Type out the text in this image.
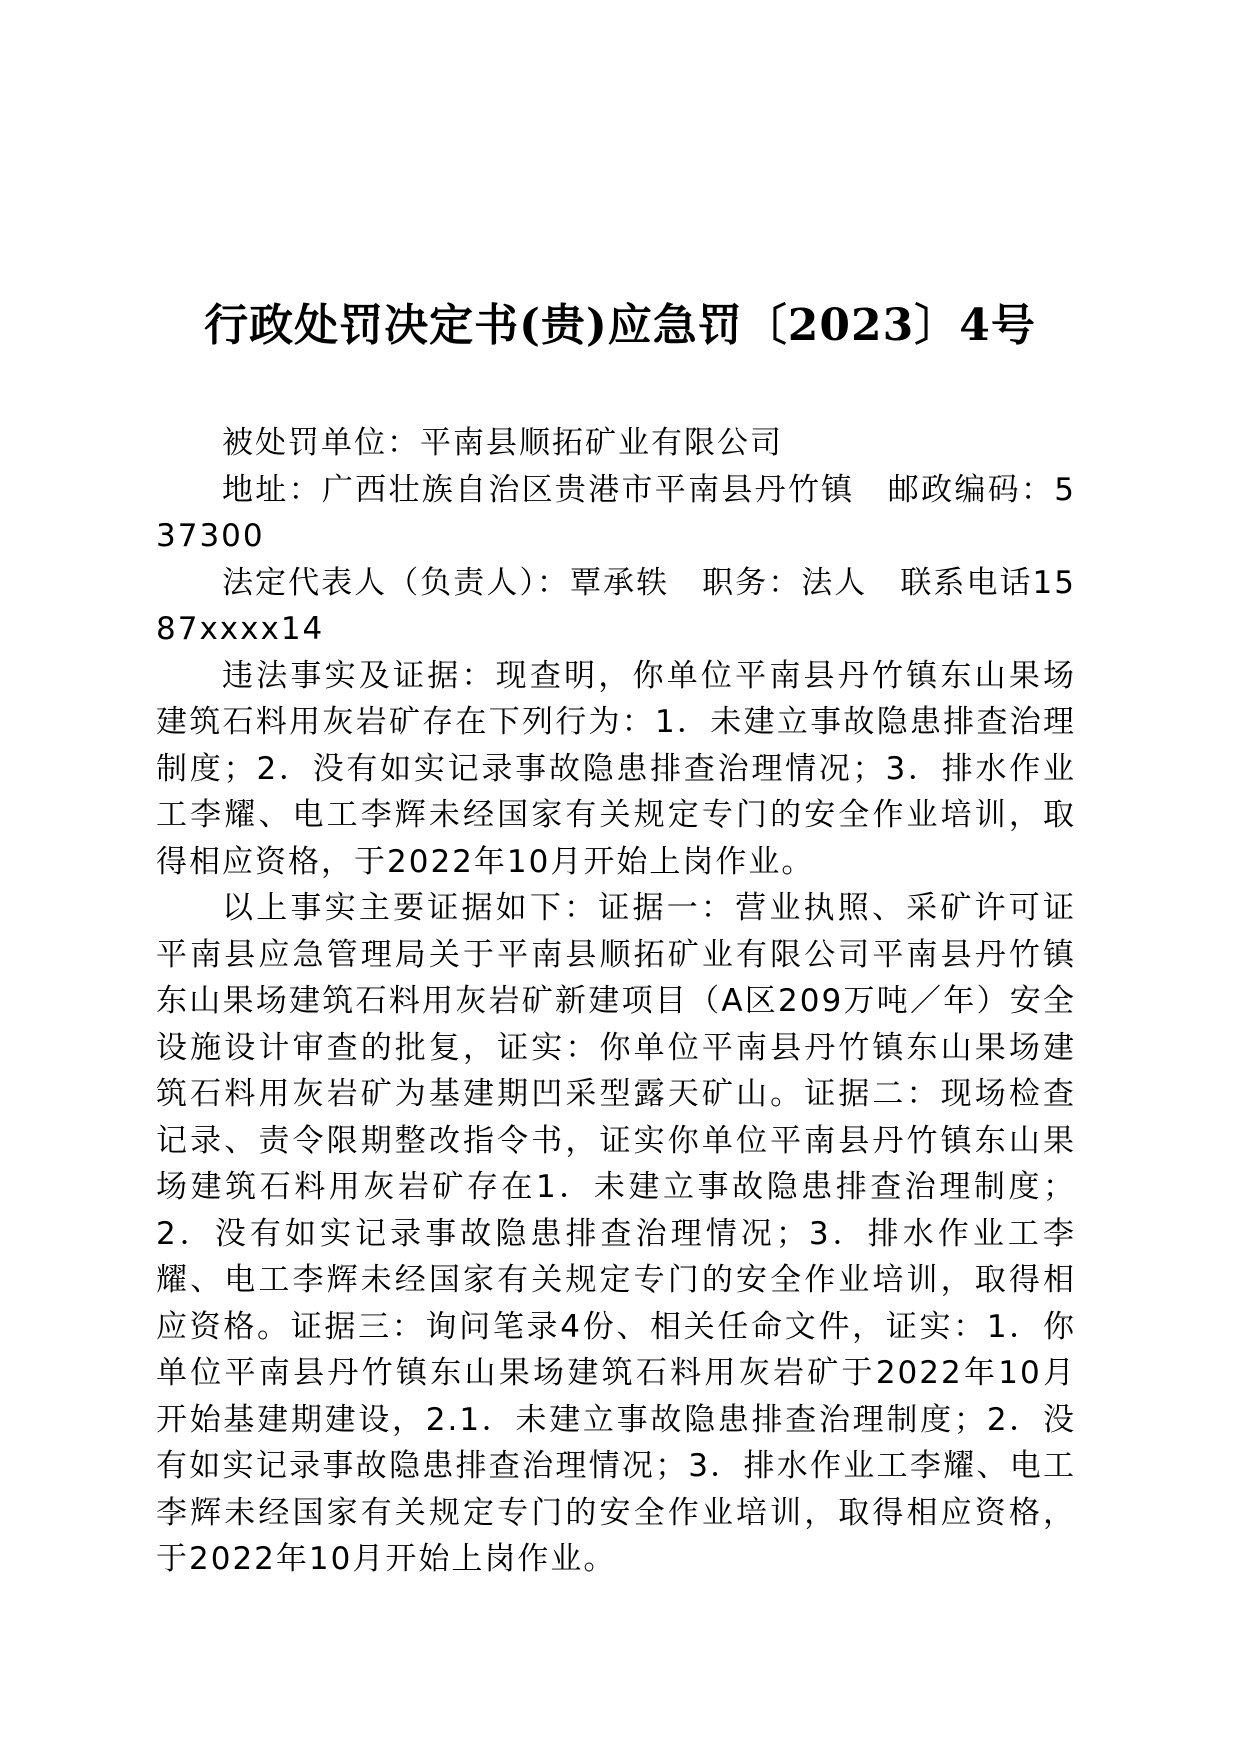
行政处罚决定书(贵)应急罚〔2023〕4号

被处罚单位：平南县顺拓矿业有限公司

地址：广西壮族自治区贵港市平南县丹竹镇　邮政编码：537300

法定代表人（负责人）：覃承轶　职务：法人　联系电话1587xxxx14

违法事实及证据：现查明，你单位平南县丹竹镇东山果场建筑石料用灰岩矿存在下列行为：1．未建立事故隐患排查治理制度；2．没有如实记录事故隐患排查治理情况；3．排水作业工李耀、电工李辉未经国家有关规定专门的安全作业培训，取得相应资格，于2022年10月开始上岗作业。

以上事实主要证据如下：证据一：营业执照、采矿许可证平南县应急管理局关于平南县顺拓矿业有限公司平南县丹竹镇东山果场建筑石料用灰岩矿新建项目（A区209万吨／年）安全设施设计审查的批复，证实：你单位平南县丹竹镇东山果场建筑石料用灰岩矿为基建期凹采型露天矿山。证据二：现场检查记录、责令限期整改指令书，证实你单位平南县丹竹镇东山果场建筑石料用灰岩矿存在1．未建立事故隐患排查治理制度；2．没有如实记录事故隐患排查治理情况；3．排水作业工李耀、电工李辉未经国家有关规定专门的安全作业培训，取得相应资格。证据三：询问笔录4份、相关任命文件，证实：1．你单位平南县丹竹镇东山果场建筑石料用灰岩矿于2022年10月开始基建期建设，2.1．未建立事故隐患排查治理制度；2．没有如实记录事故隐患排查治理情况；3．排水作业工李耀、电工李辉未经国家有关规定专门的安全作业培训，取得相应资格，于2022年10月开始上岗作业。
